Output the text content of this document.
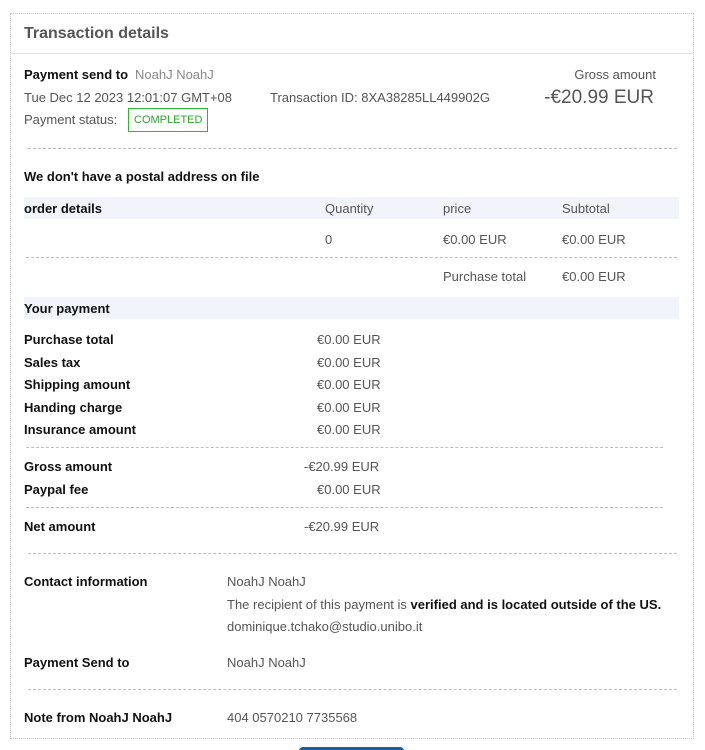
Transaction details
Payment send to NoahJ NoahJ
Tue Dec 12 2023 12:01:07 GMT+08	Transaction ID: 8XA38285LL449902G
Payment status:	COMPLETED
Gross amount
-€20.99 EUR
We don't have a postal address on file
order details	Quantity	price	Subtotal
0	€0.00 EUR	€0.00 EUR
Purchase total	€0.00 EUR
Your payment
Purchase total	€0.00 EUR
Sales tax	€0.00 EUR
Shipping amount	€0.00 EUR
Handing charge	€0.00 EUR
Insurance amount	€0.00 EUR
Gross amount	-€20.99 EUR
Paypal fee	€0.00 EUR
Net amount	-€20.99 EUR
Contact information	NoahJ NoahJ
The recipient of this payment is verified and is located outside of the US.
dominique.tchako@studio.unibo.it
Payment Send to	NoahJ NoahJ
Note from NoahJ NoahJ	404 0570210 7735568
